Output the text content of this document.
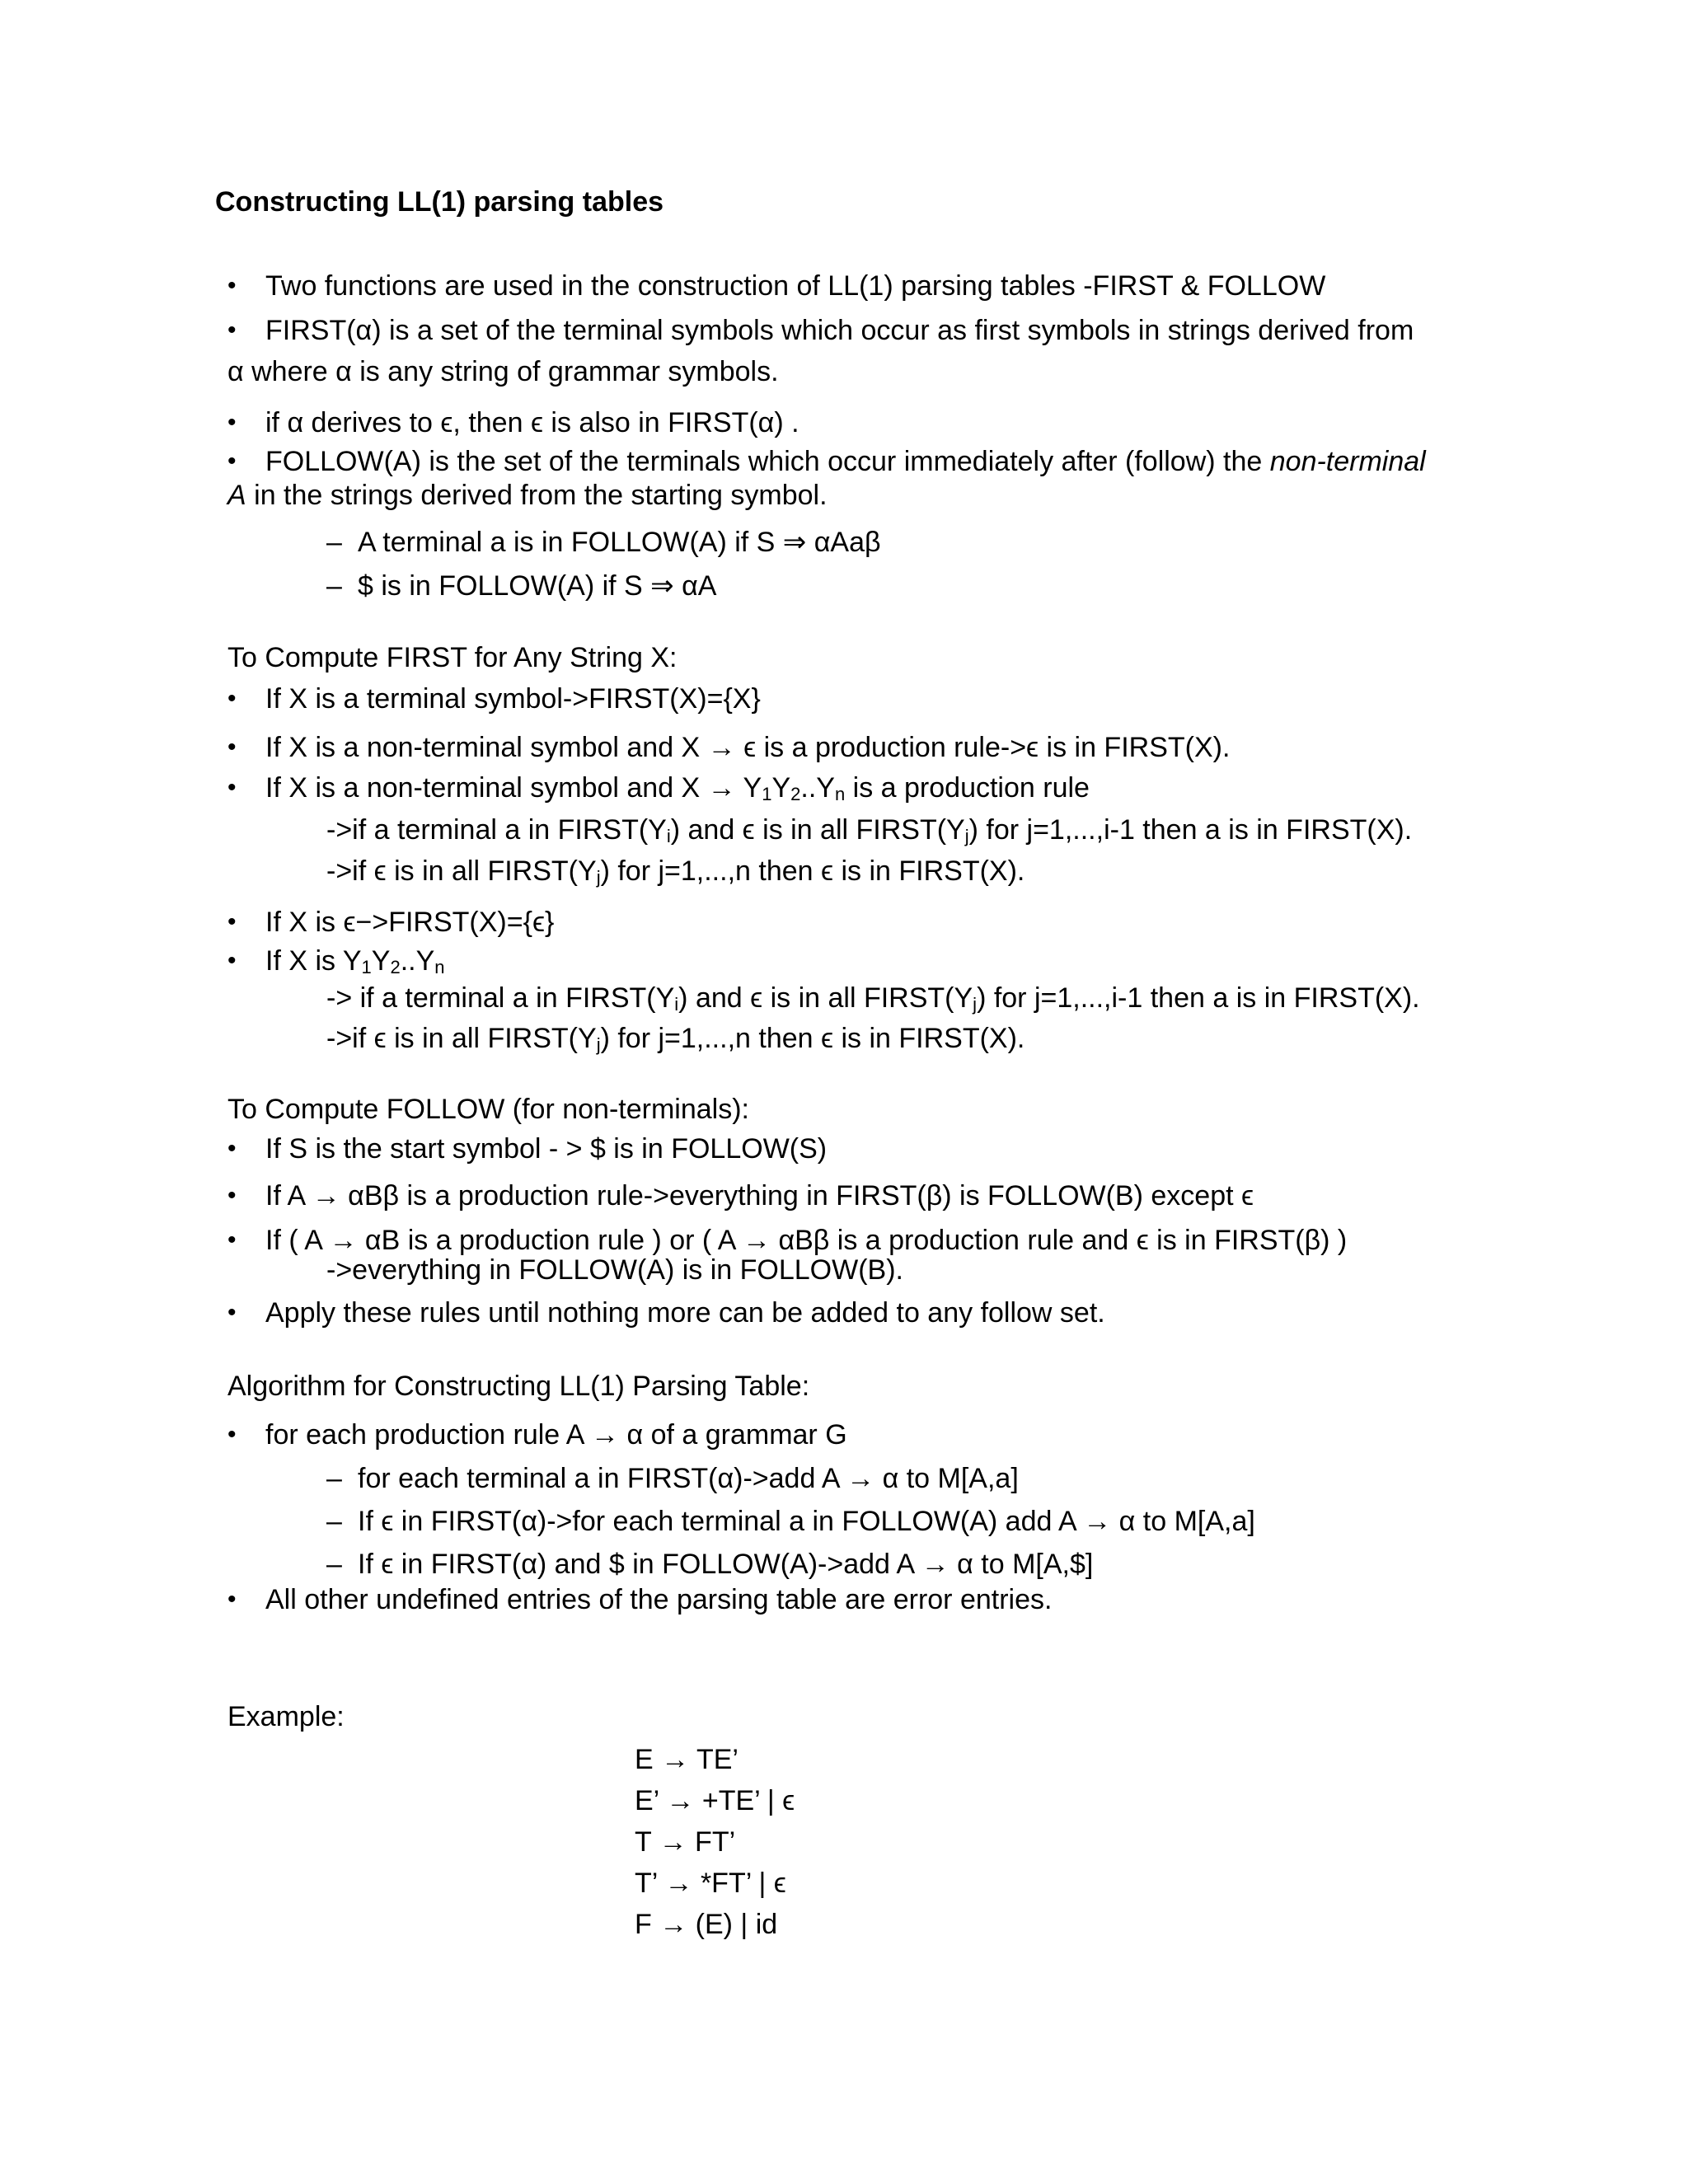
Constructing LL(1) parsing tables
• Two functions are used in the construction of LL(1) parsing tables -FIRST & FOLLOW
• FIRST(α) is a set of the terminal symbols which occur as first symbols in strings derived from
α where α is any string of grammar symbols.
• if α derives to ϵ, then ϵ is also in FIRST(α) .
• FOLLOW(A) is the set of the terminals which occur immediately after (follow) the non-terminal
A in the strings derived from the starting symbol.
– A terminal a is in FOLLOW(A) if S ⇒ αAaβ
– $ is in FOLLOW(A) if S ⇒ αA
To Compute FIRST for Any String X:
• If X is a terminal symbol->FIRST(X)={X}
• If X is a non-terminal symbol and X → ϵ is a production rule->ϵ is in FIRST(X).
• If X is a non-terminal symbol and $X \to Y_1Y_2..Y_n$ is a production rule
->if a terminal a in $FIRST(Y_i)$ and ϵ is in all $FIRST(Y_j)$ for j=1,...,i-1 then a is in FIRST(X).
->if ϵ is in all $FIRST(Y_j)$ for j=1,...,n then ϵ is in FIRST(X).
• If X is ϵ−>FIRST(X)={ϵ}
• If X is $Y_1Y_2..Y_n$
-> if a terminal a in $FIRST(Y_i)$ and ϵ is in all $FIRST(Y_j)$ for j=1,...,i-1 then a is in FIRST(X).
->if ϵ is in all $FIRST(Y_j)$ for j=1,...,n then ϵ is in FIRST(X).
To Compute FOLLOW (for non-terminals):
• If S is the start symbol - > $ is in FOLLOW(S)
• If A → αBβ is a production rule->everything in FIRST(β) is FOLLOW(B) except ϵ
• If ( A → αB is a production rule ) or ( A → αBβ is a production rule and ϵ is in FIRST(β) )
->everything in FOLLOW(A) is in FOLLOW(B).
• Apply these rules until nothing more can be added to any follow set.
Algorithm for Constructing LL(1) Parsing Table:
• for each production rule A → α of a grammar G
– for each terminal a in FIRST(α)->add A → α to M[A,a]
– If ϵ in FIRST(α)->for each terminal a in FOLLOW(A) add A → α to M[A,a]
– If ϵ in FIRST(α) and $ in FOLLOW(A)->add A → α to M[A,$]
• All other undefined entries of the parsing table are error entries.
Example:
E → TE’
E’ → +TE’ | ϵ
T → FT’
T’ → *FT’ | ϵ
F → (E) | id
